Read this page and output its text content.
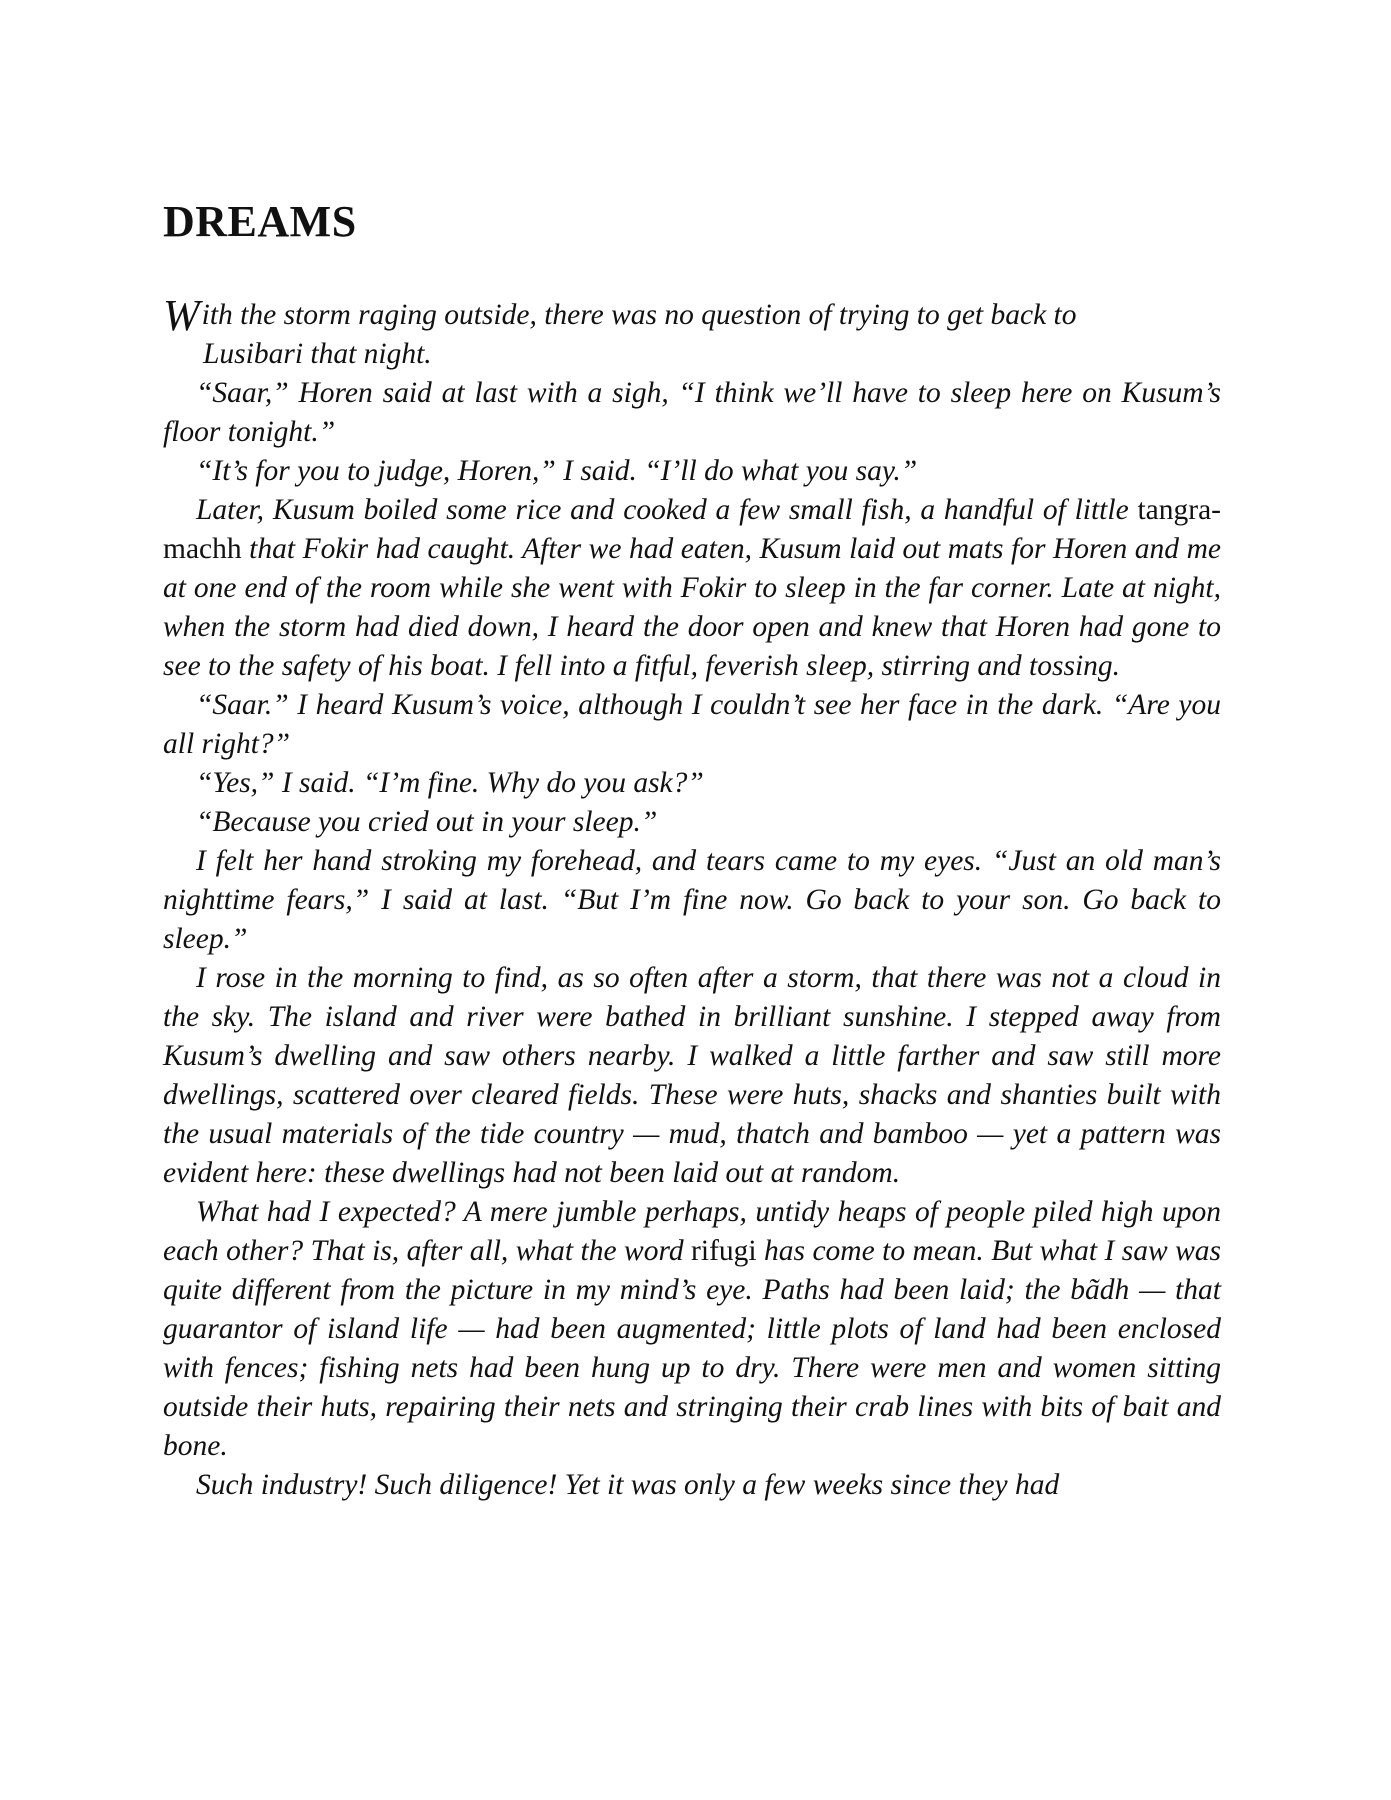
DREAMS

With the storm raging outside, there was no question of trying to get back to
Lusibari that night.

“Saar,” Horen said at last with a sigh, “I think we’ll have to sleep here on Kusum’s floor tonight.”

“It’s for you to judge, Horen,” I said. “I’ll do what you say.”

Later, Kusum boiled some rice and cooked a few small fish, a handful of little tangra-machh that Fokir had caught. After we had eaten, Kusum laid out mats for Horen and me at one end of the room while she went with Fokir to sleep in the far corner. Late at night, when the storm had died down, I heard the door open and knew that Horen had gone to see to the safety of his boat. I fell into a fitful, feverish sleep, stirring and tossing.

“Saar.” I heard Kusum’s voice, although I couldn’t see her face in the dark. “Are you all right?”

“Yes,” I said. “I’m fine. Why do you ask?”

“Because you cried out in your sleep.”

I felt her hand stroking my forehead, and tears came to my eyes. “Just an old man’s nighttime fears,” I said at last. “But I’m fine now. Go back to your son. Go back to sleep.”

I rose in the morning to find, as so often after a storm, that there was not a cloud in the sky. The island and river were bathed in brilliant sunshine. I stepped away from Kusum’s dwelling and saw others nearby. I walked a little farther and saw still more dwellings, scattered over cleared fields. These were huts, shacks and shanties built with the usual materials of the tide country — mud, thatch and bamboo — yet a pattern was evident here: these dwellings had not been laid out at random.

What had I expected? A mere jumble perhaps, untidy heaps of people piled high upon each other? That is, after all, what the word rifugi has come to mean. But what I saw was quite different from the picture in my mind’s eye. Paths had been laid; the bãdh — that guarantor of island life — had been augmented; little plots of land had been enclosed with fences; fishing nets had been hung up to dry. There were men and women sitting outside their huts, repairing their nets and stringing their crab lines with bits of bait and bone.

Such industry! Such diligence! Yet it was only a few weeks since they had
